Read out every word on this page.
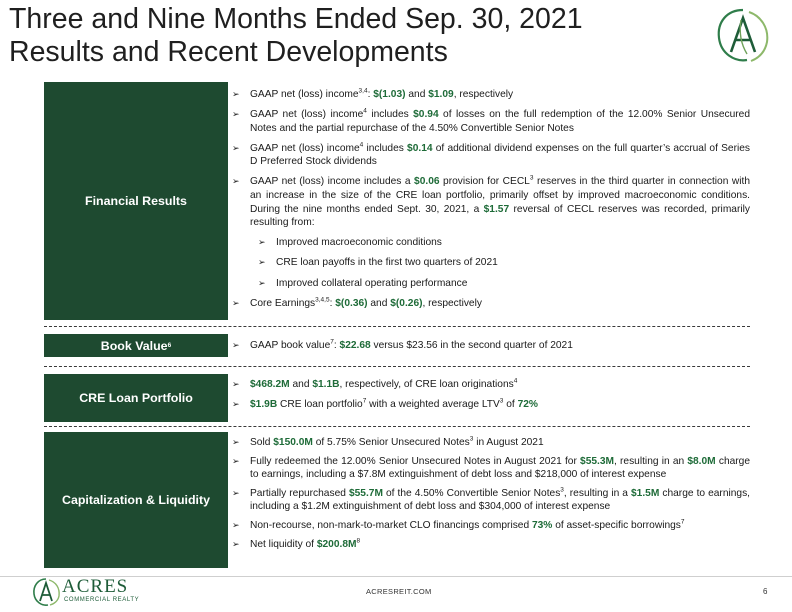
Three and Nine Months Ended Sep. 30, 2021
Results and Recent Developments
Financial Results
➢ GAAP net (loss) income$^{3,4}$: $(1.03) and $1.09, respectively
➢ GAAP net (loss) income$^4$ includes $0.94 of losses on the full redemption of the 12.00% Senior Unsecured Notes and the partial repurchase of the 4.50% Convertible Senior Notes
➢ GAAP net (loss) income$^4$ includes $0.14 of additional dividend expenses on the full quarter’s accrual of Series D Preferred Stock dividends
➢ GAAP net (loss) income includes a $0.06 provision for CECL$^3$ reserves in the third quarter in connection with an increase in the size of the CRE loan portfolio, primarily offset by improved macroeconomic conditions. During the nine months ended Sept. 30, 2021, a $1.57 reversal of CECL reserves was recorded, primarily resulting from:
➢ Improved macroeconomic conditions
➢ CRE loan payoffs in the first two quarters of 2021
➢ Improved collateral operating performance
➢ Core Earnings$^{3,4,5}$: $(0.36) and $(0.26), respectively
Book Value 6	➢ GAAP book value$^7$: $22.68 versus $23.56 in the second quarter of 2021
CRE Loan Portfolio
➢ $468.2M and $1.1B, respectively, of CRE loan originations$^4$
➢ $1.9B CRE loan portfolio$^7$ with a weighted average LTV$^3$ of 72%
Capitalization & Liquidity
➢ Sold $150.0M of 5.75% Senior Unsecured Notes$^3$ in August 2021
➢ Fully redeemed the 12.00% Senior Unsecured Notes in August 2021 for $55.3M, resulting in an $8.0M charge to earnings, including a $7.8M extinguishment of debt loss and $218,000 of interest expense
➢ Partially repurchased $55.7M of the 4.50% Convertible Senior Notes$^3$, resulting in a $1.5M charge to earnings, including a $1.2M extinguishment of debt loss and $304,000 of interest expense
➢ Non-recourse, non-mark-to-market CLO financings comprised 73% of asset-specific borrowings$^7$
➢ Net liquidity of $\$200.8M^8$
ACRES
COMMERCIAL REALTY
ACRESREIT.COM	6
